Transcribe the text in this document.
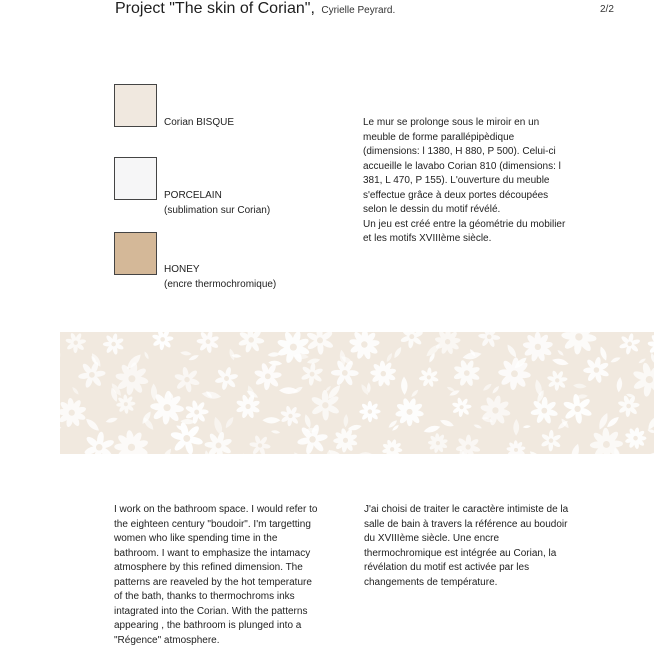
Project "The skin of Corian", Cyrielle Peyrard.	2/2
Corian BISQUE
PORCELAIN
(sublimation sur Corian)
HONEY
(encre thermochromique)
Le mur se prolonge sous le miroir en un
meuble de forme parallépipèdique
(dimensions: l 1380, H 880, P 500). Celui-ci
accueille le lavabo Corian 810 (dimensions: l
381, L 470, P 155). L'ouverture du meuble
s'effectue grâce à deux portes découpées
selon le dessin du motif révélé.
Un jeu est créé entre la géométrie du mobilier
et les motifs XVIIIème siècle.
I work on the bathroom space. I would refer to
the eighteen century "boudoir". I'm targetting
women who like spending time in the
bathroom. I want to emphasize the intamacy
atmosphere by this refined dimension. The
patterns are reaveled by the hot temperature
of the bath, thanks to thermochroms inks
intagrated into the Corian. With the patterns
appearing , the bathroom is plunged into a
"Régence" atmosphere.
J'ai choisi de traiter le caractère intimiste de la
salle de bain à travers la référence au boudoir
du XVIIIème siècle. Une encre
thermochromique est intégrée au Corian, la
révélation du motif est activée par les
changements de température.
